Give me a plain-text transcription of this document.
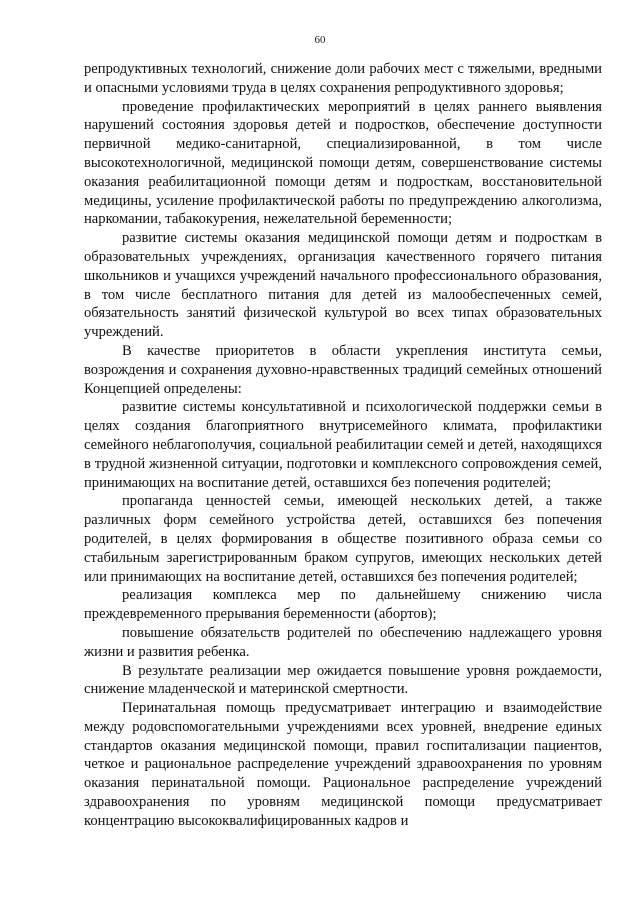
60

репродуктивных технологий, снижение доли рабочих мест с тяжелыми, вредными и опасными условиями труда в целях сохранения репродуктивного здоровья;

проведение профилактических мероприятий в целях раннего выявления нарушений состояния здоровья детей и подростков, обеспечение доступности первичной медико-санитарной, специализированной, в том числе высокотехнологичной, медицинской помощи детям, совершенствование системы оказания реабилитационной помощи детям и подросткам, восстановительной медицины, усиление профилактической работы по предупреждению алкоголизма, наркомании, табакокурения, нежелательной беременности;

развитие системы оказания медицинской помощи детям и подросткам в образовательных учреждениях, организация качественного горячего питания школьников и учащихся учреждений начального профессионального образования, в том числе бесплатного питания для детей из малообеспеченных семей, обязательность занятий физической культурой во всех типах образовательных учреждений.

В качестве приоритетов в области укрепления института семьи, возрождения и сохранения духовно-нравственных традиций семейных отношений Концепцией определены:

развитие системы консультативной и психологической поддержки семьи в целях создания благоприятного внутрисемейного климата, профилактики семейного неблагополучия, социальной реабилитации семей и детей, находящихся в трудной жизненной ситуации, подготовки и комплексного сопровождения семей, принимающих на воспитание детей, оставшихся без попечения родителей;

пропаганда ценностей семьи, имеющей нескольких детей, а также различных форм семейного устройства детей, оставшихся без попечения родителей, в целях формирования в обществе позитивного образа семьи со стабильным зарегистрированным браком супругов, имеющих нескольких детей или принимающих на воспитание детей, оставшихся без попечения родителей;

реализация комплекса мер по дальнейшему снижению числа преждевременного прерывания беременности (абортов);

повышение обязательств родителей по обеспечению надлежащего уровня жизни и развития ребенка.

В результате реализации мер ожидается повышение уровня рождаемости, снижение младенческой и материнской смертности.

Перинатальная помощь предусматривает интеграцию и взаимодействие между родовспомогательными учреждениями всех уровней, внедрение единых стандартов оказания медицинской помощи, правил госпитализации пациентов, четкое и рациональное распределение учреждений здравоохранения по уровням оказания перинатальной помощи. Рациональное распределение учреждений здравоохранения по уровням медицинской помощи предусматривает концентрацию высококвалифицированных кадров и
